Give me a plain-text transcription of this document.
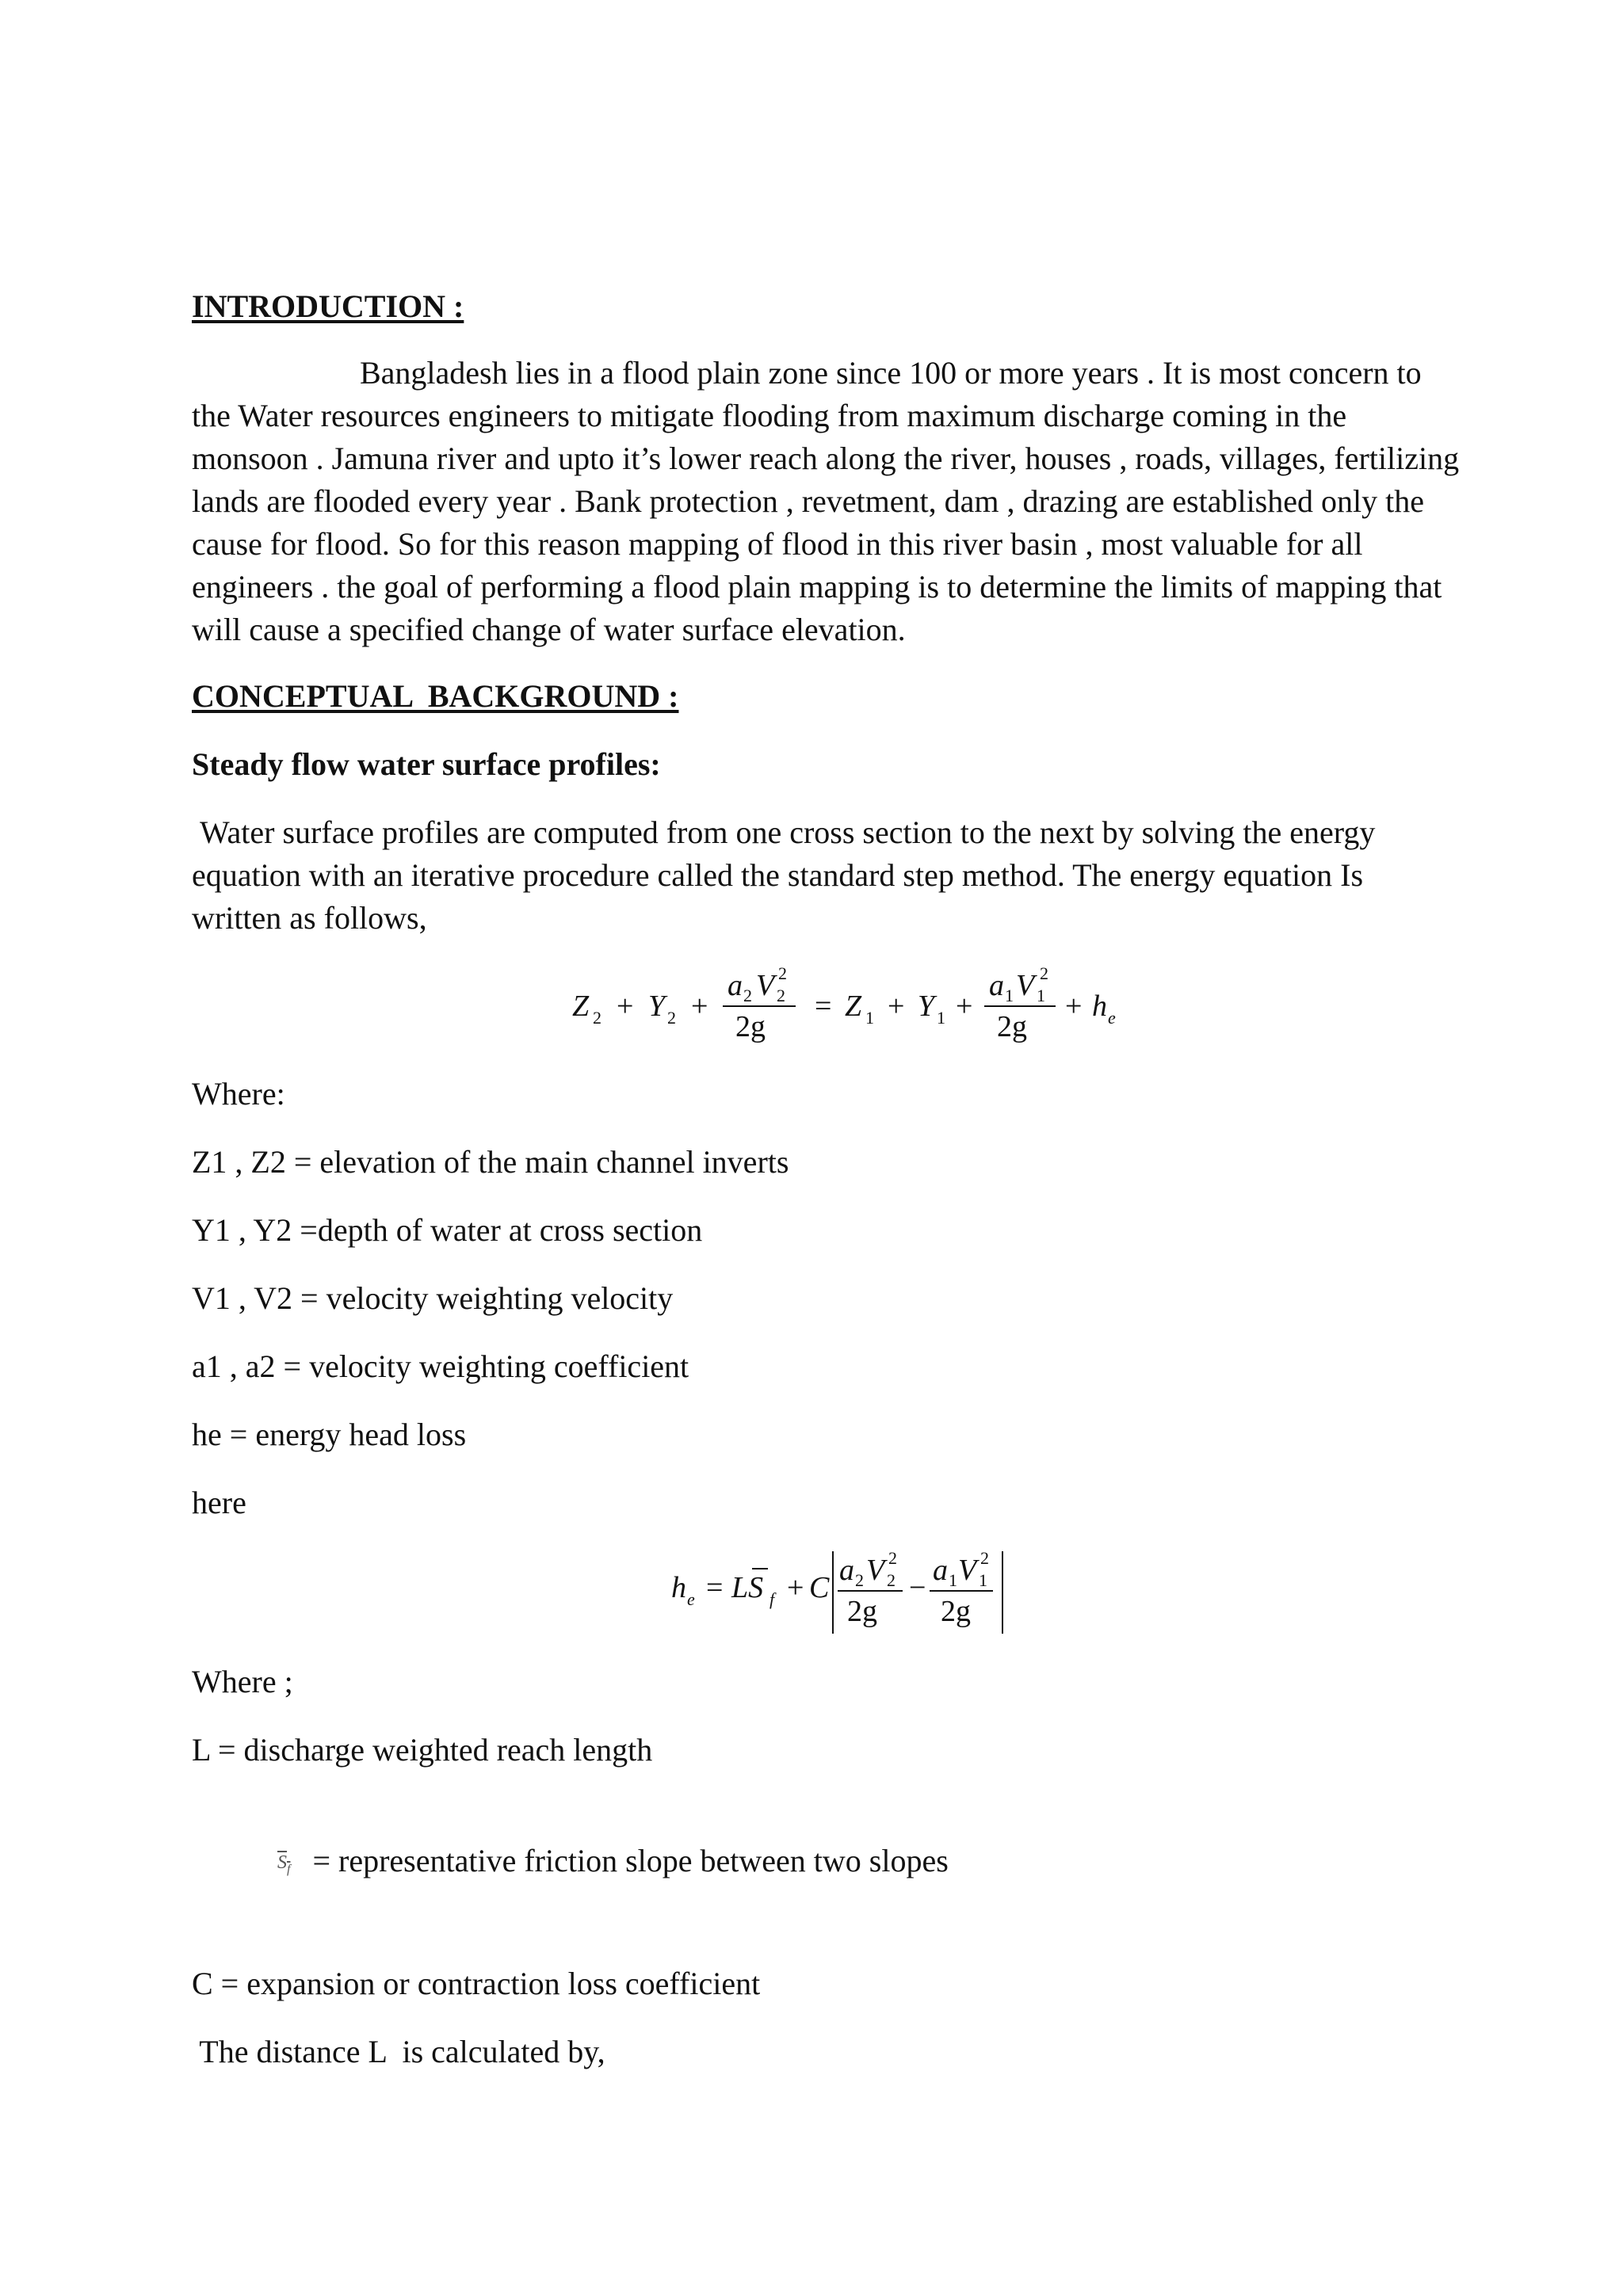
INTRODUCTION :

Bangladesh lies in a flood plain zone since 100 or more years . It is most concern to the Water resources engineers to mitigate flooding from maximum discharge coming in the monsoon . Jamuna river and upto it’s lower reach along the river, houses , roads, villages, fertilizing lands are flooded every year . Bank protection , revetment, dam , drazing are established only the cause for flood. So for this reason mapping of flood in this river basin , most valuable for all engineers . the goal of performing a flood plain mapping is to determine the limits of mapping that will cause a specified change of water surface elevation.

CONCEPTUAL  BACKGROUND :

Steady flow water surface profiles:

Water surface profiles are computed from one cross section to the next by solving the energy equation with an iterative procedure called the standard step method. The energy equation Is written as follows,

Z 2 + Y 2 +
a 2 V 2
2
2g
= Z 1 + Y 1 +
a 1 V 1
2
2g
+ h e

Where:

Z1 , Z2 = elevation of the main channel inverts

Y1 , Y2 =depth of water at cross section

V1 , V2 = velocity weighting velocity

a1 , a2 = velocity weighting coefficient

he = energy head loss

here

h e = LS f + C
a 2 V 2
2
2g
−
a 1 V 1
2
2g

Where ;

L = discharge weighted reach length

$S_f$ = representative friction slope between two slopes

C = expansion or contraction loss coefficient

The distance L  is calculated by,
